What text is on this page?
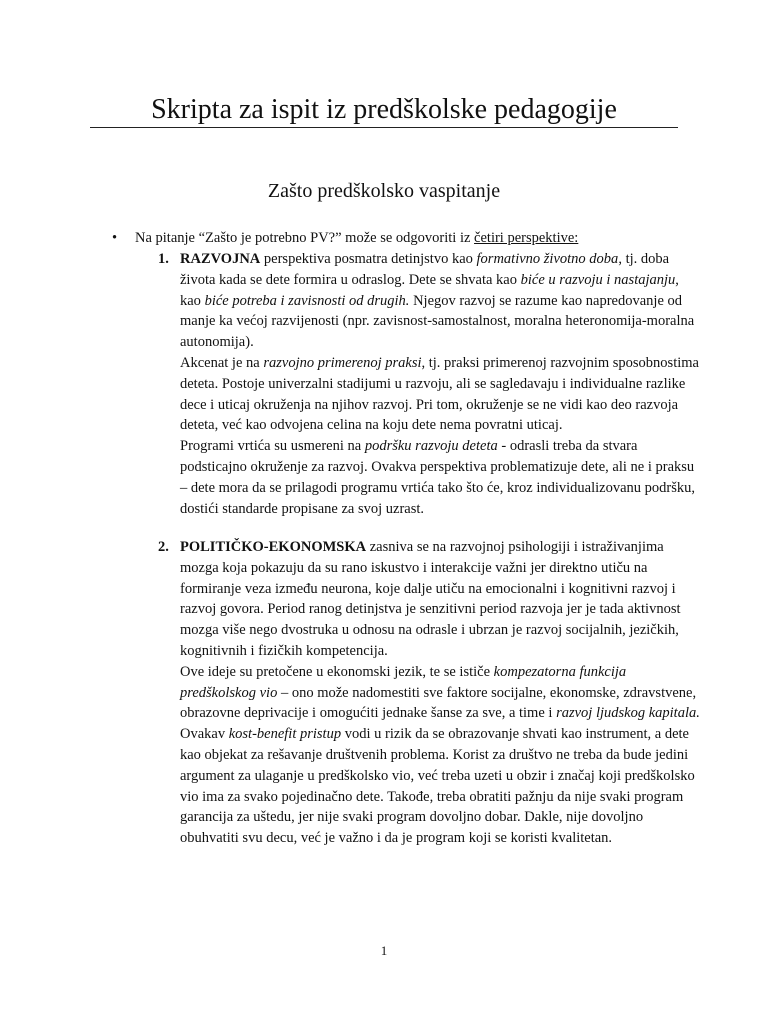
Skripta za ispit iz predškolske pedagogije
Zašto predškolsko vaspitanje
• Na pitanje “Zašto je potrebno PV?” može se odgovoriti iz četiri perspektive:
1. RAZVOJNA perspektiva posmatra detinjstvo kao formativno životno doba, tj. doba života kada se dete formira u odraslog. Dete se shvata kao biće u razvoju i nastajanju, kao biće potreba i zavisnosti od drugih. Njegov razvoj se razume kao napredovanje od manje ka većoj razvijenosti (npr. zavisnost-samostalnost, moralna heteronomija-moralna autonomija).

Akcenat je na razvojno primerenoj praksi, tj. praksi primerenoj razvojnim sposobnostima deteta. Postoje univerzalni stadijumi u razvoju, ali se sagledavaju i individualne razlike dece i uticaj okruženja na njihov razvoj. Pri tom, okruženje se ne vidi kao deo razvoja deteta, već kao odvojena celina na koju dete nema povratni uticaj.

Programi vrtića su usmereni na podršku razvoju deteta - odrasli treba da stvara podsticajno okruženje za razvoj. Ovakva perspektiva problematizuje dete, ali ne i praksu – dete mora da se prilagodi programu vrtića tako što će, kroz individualizovanu podršku, dostići standarde propisane za svoj uzrast.

2. POLITIČKO-EKONOMSKA zasniva se na razvojnoj psihologiji i istraživanjima mozga koja pokazuju da su rano iskustvo i interakcije važni jer direktno utiču na formiranje veza između neurona, koje dalje utiču na emocionalni i kognitivni razvoj i razvoj govora. Period ranog detinjstva je senzitivni period razvoja jer je tada aktivnost mozga više nego dvostruka u odnosu na odrasle i ubrzan je razvoj socijalnih, jezičkih, kognitivnih i fizičkih kompetencija.

Ove ideje su pretočene u ekonomski jezik, te se ističe kompezatorna funkcija predškolskog vio – ono može nadomestiti sve faktore socijalne, ekonomske, zdravstvene, obrazovne deprivacije i omogućiti jednake šanse za sve, a time i razvoj ljudskog kapitala.

Ovakav kost-benefit pristup vodi u rizik da se obrazovanje shvati kao instrument, a dete kao objekat za rešavanje društvenih problema. Korist za društvo ne treba da bude jedini argument za ulaganje u predškolsko vio, već treba uzeti u obzir i značaj koji predškolsko vio ima za svako pojedinačno dete. Takođe, treba obratiti pažnju da nije svaki program garancija za uštedu, jer nije svaki program dovoljno dobar. Dakle, nije dovoljno obuhvatiti svu decu, već je važno i da je program koji se koristi kvalitetan.

1
